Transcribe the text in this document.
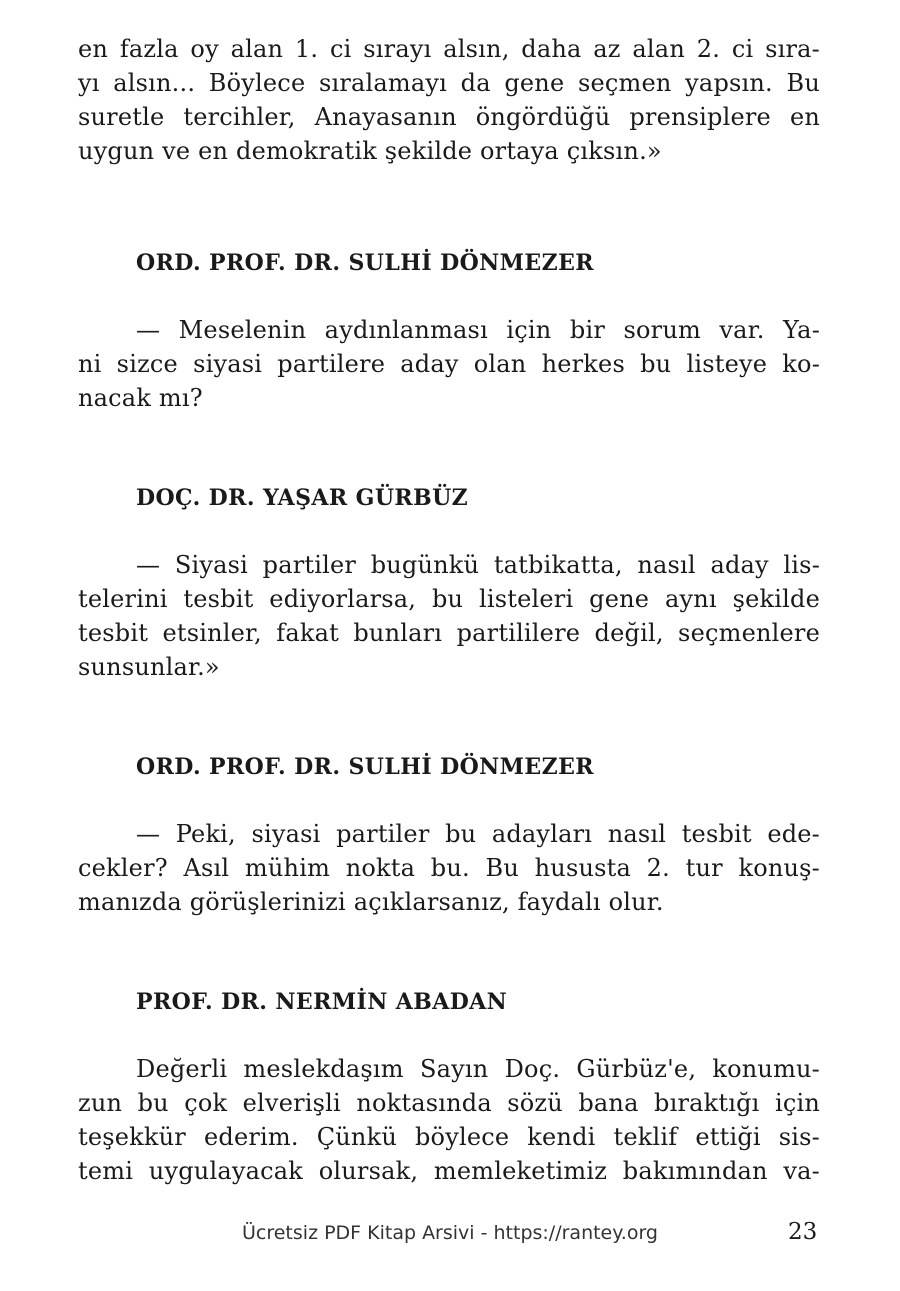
en fazla oy alan 1. ci sırayı alsın, daha az alan 2. ci sıra-
yı alsın... Böylece sıralamayı da gene seçmen yapsın. Bu
suretle tercihler, Anayasanın öngördüğü prensiplere en
uygun ve en demokratik şekilde ortaya çıksın.»

ORD. PROF. DR. SULHİ DÖNMEZER

— Meselenin aydınlanması için bir sorum var. Ya-
ni sizce siyasi partilere aday olan herkes bu listeye ko-
nacak mı?

DOÇ. DR. YAŞAR GÜRBÜZ

— Siyasi partiler bugünkü tatbikatta, nasıl aday lis-
telerini tesbit ediyorlarsa, bu listeleri gene aynı şekilde
tesbit etsinler, fakat bunları partililere değil, seçmenlere
sunsunlar.»

ORD. PROF. DR. SULHİ DÖNMEZER

— Peki, siyasi partiler bu adayları nasıl tesbit ede-
cekler? Asıl mühim nokta bu. Bu hususta 2. tur konuş-
manızda görüşlerinizi açıklarsanız, faydalı olur.

PROF. DR. NERMİN ABADAN

Değerli meslekdaşım Sayın Doç. Gürbüz'e, konumu-
zun bu çok elverişli noktasında sözü bana bıraktığı için
teşekkür ederim. Çünkü böylece kendi teklif ettiği sis-
temi uygulayacak olursak, memleketimiz bakımından va-

Ücretsiz PDF Kitap Arsivi - https://rantey.org	23
